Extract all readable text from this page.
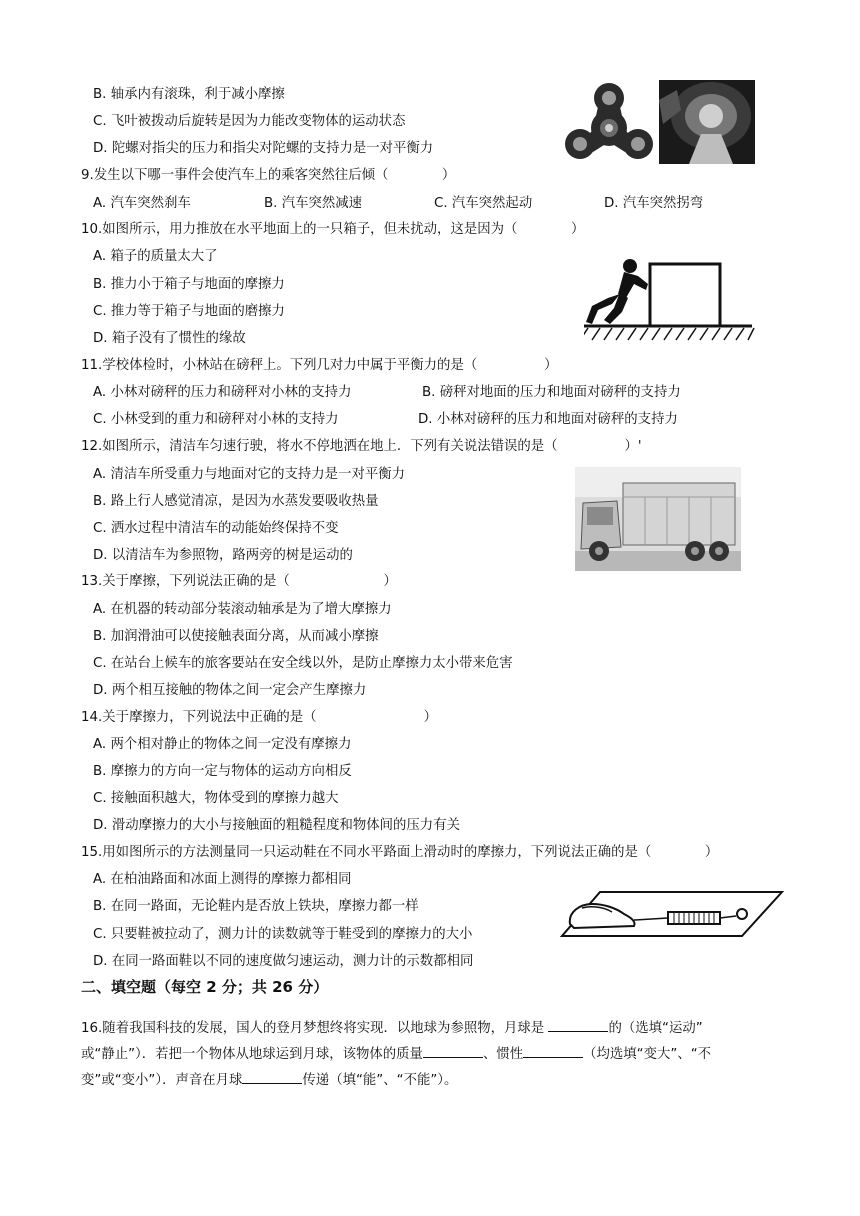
B. 轴承内有滚珠，利于减小摩擦
C. 飞叶被拨动后旋转是因为力能改变物体的运动状态
D. 陀螺对指尖的压力和指尖对陀螺的支持力是一对平衡力
9.发生以下哪一事件会使汽车上的乘客突然往后倾（　　　　）
A. 汽车突然刹车	B. 汽车突然减速	C. 汽车突然起动	D. 汽车突然拐弯
10.如图所示，用力推放在水平地面上的一只箱子，但未扰动，这是因为（　　　　）
A. 箱子的质量太大了
B. 推力小于箱子与地面的摩擦力
C. 推力等于箱子与地面的磨擦力
D. 箱子没有了惯性的缘故
11.学校体检时，小林站在磅秤上。下列几对力中属于平衡力的是（　　　　　）
A. 小林对磅秤的压力和磅秤对小林的支持力	B. 磅秤对地面的压力和地面对磅秤的支持力
C. 小林受到的重力和磅秤对小林的支持力	D. 小林对磅秤的压力和地面对磅秤的支持力
12.如图所示，清洁车匀速行驶，将水不停地洒在地上．下列有关说法错误的是（　　　　　）'
A. 清洁车所受重力与地面对它的支持力是一对平衡力
B. 路上行人感觉清凉，是因为水蒸发要吸收热量
C. 洒水过程中清洁车的动能始终保持不变
D. 以清洁车为参照物，路两旁的树是运动的
13.关于摩擦，下列说法正确的是（　　　　　　　）
A. 在机器的转动部分装滚动轴承是为了增大摩擦力
B. 加润滑油可以使接触表面分离，从而减小摩擦
C. 在站台上候车的旅客要站在安全线以外，是防止摩擦力太小带来危害
D. 两个相互接触的物体之间一定会产生摩擦力
14.关于摩擦力，下列说法中正确的是（　　　　　　　　）
A. 两个相对静止的物体之间一定没有摩擦力
B. 摩擦力的方向一定与物体的运动方向相反
C. 接触面积越大，物体受到的摩擦力越大
D. 滑动摩擦力的大小与接触面的粗糙程度和物体间的压力有关
15.用如图所示的方法测量同一只运动鞋在不同水平路面上滑动时的摩擦力，下列说法正确的是（　　　　）
A. 在柏油路面和冰面上测得的摩擦力都相同
B. 在同一路面，无论鞋内是否放上铁块，摩擦力都一样
C. 只要鞋被拉动了，测力计的读数就等于鞋受到的摩擦力的大小
D. 在同一路面鞋以不同的速度做匀速运动，测力计的示数都相同
二、填空题（每空 2 分；共 26 分）
16.随着我国科技的发展，国人的登月梦想终将实现．以地球为参照物，月球是	的（选填“运动”
或“静止”）．若把一个物体从地球运到月球，该物体的质量	、惯性	（均选填“变大”、“不
变”或“变小”）．声音在月球	传递（填“能”、“不能”）。
